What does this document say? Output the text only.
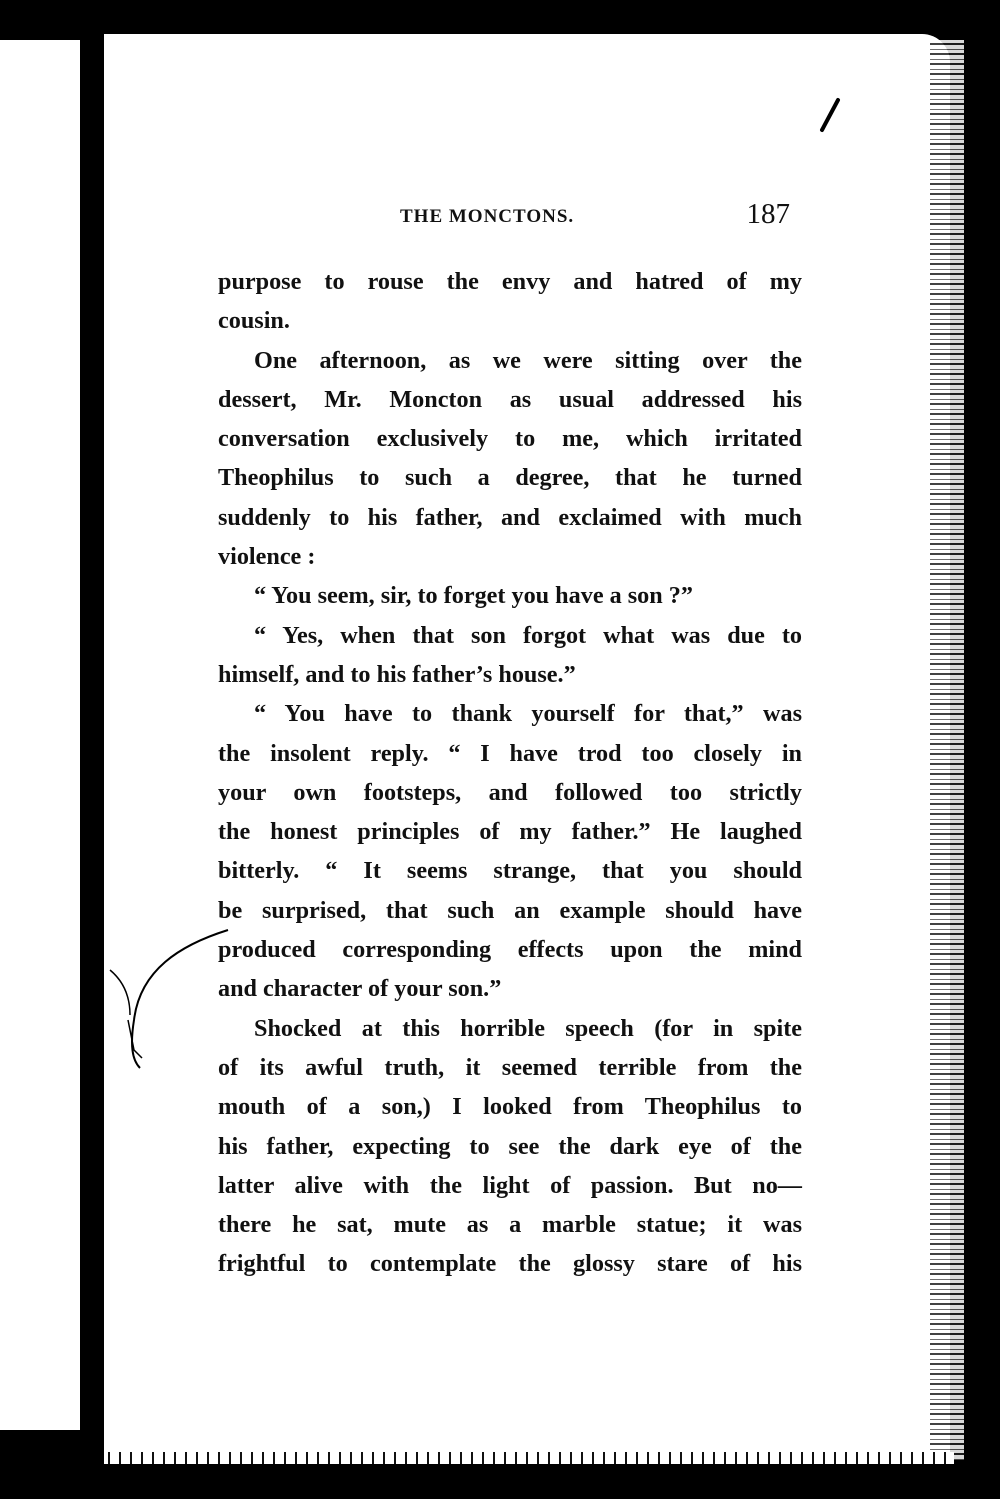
THE MONCTONS.	187

purpose to rouse the envy and hatred of my

cousin.

One afternoon, as we were sitting over the

dessert, Mr. Moncton as usual addressed his

conversation exclusively to me, which irritated

Theophilus to such a degree, that he turned

suddenly to his father, and exclaimed with much

violence :

“ You seem, sir, to forget you have a son ?”

“ Yes, when that son forgot what was due to

himself, and to his father’s house.”

“ You have to thank yourself for that,” was

the insolent reply. “ I have trod too closely in

your own footsteps, and followed too strictly

the honest principles of my father.” He laughed

bitterly. “ It seems strange, that you should

be surprised, that such an example should have

produced corresponding effects upon the mind

and character of your son.”

Shocked at this horrible speech (for in spite

of its awful truth, it seemed terrible from the

mouth of a son,) I looked from Theophilus to

his father, expecting to see the dark eye of the

latter alive with the light of passion. But no—

there he sat, mute as a marble statue; it was

frightful to contemplate the glossy stare of his
